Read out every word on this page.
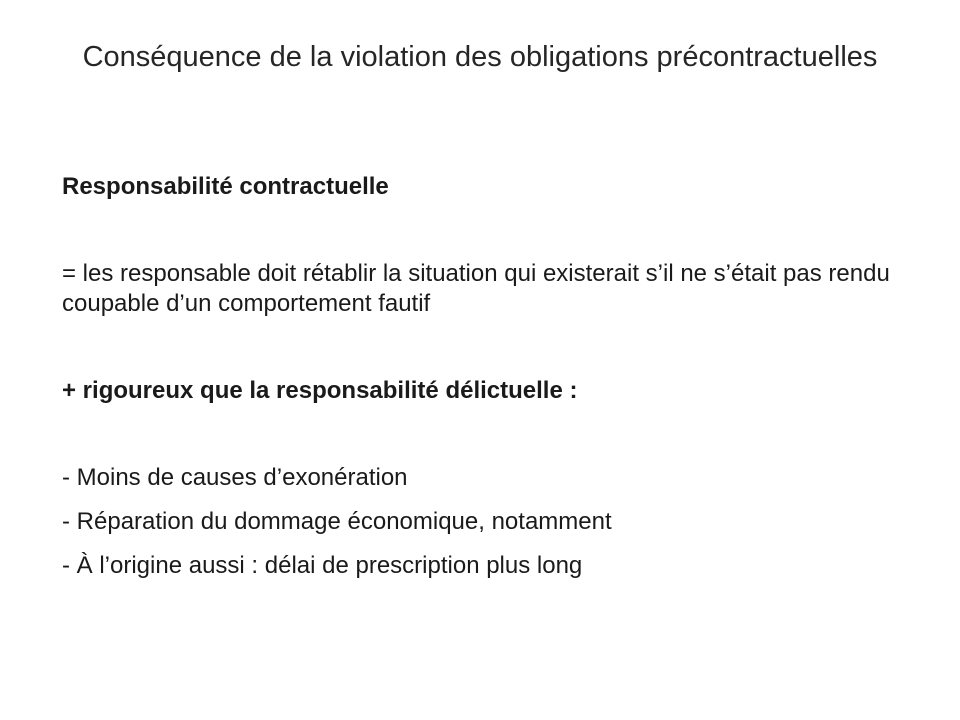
Conséquence de la violation des obligations précontractuelles

Responsabilité contractuelle

= les responsable doit rétablir la situation qui existerait s’il ne s’était pas rendu coupable d’un comportement fautif

+ rigoureux que la responsabilité délictuelle :

- Moins de causes d’exonération

- Réparation du dommage économique, notamment

- À l’origine aussi : délai de prescription plus long
